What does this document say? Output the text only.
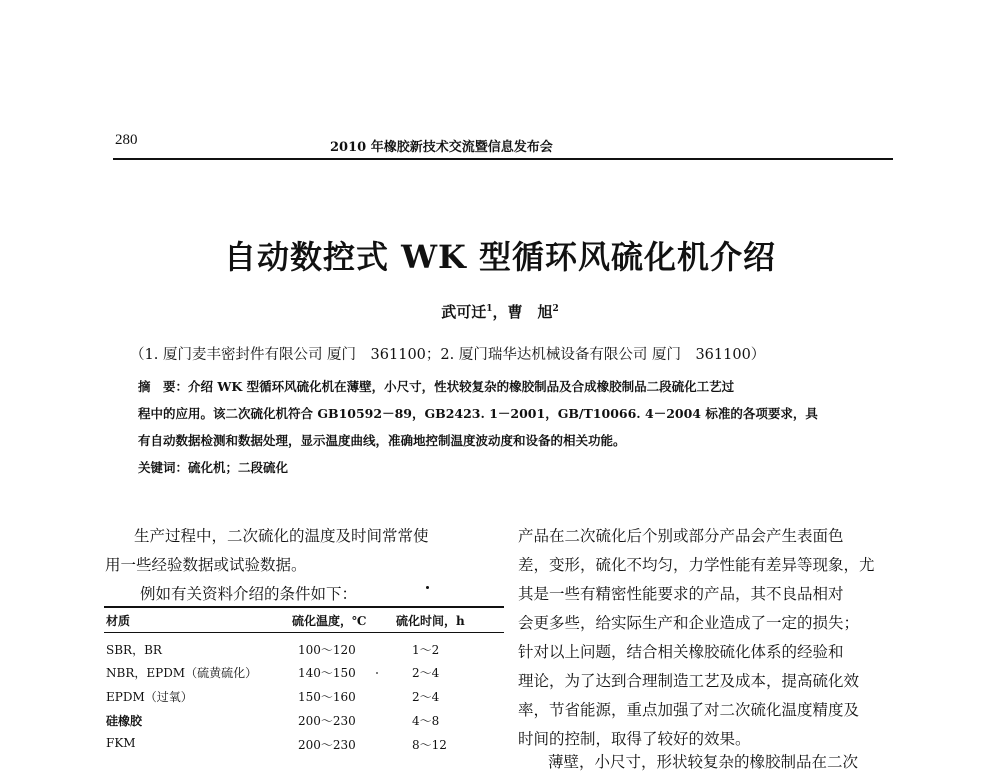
280	2010 年橡胶新技术交流暨信息发布会
自动数控式 WK 型循环风硫化机介绍
武可迁$^1$，曹　旭$^2$
（1. 厦门麦丰密封件有限公司 厦门　361100；2. 厦门瑞华达机械设备有限公司 厦门　361100）
摘　要：介绍 WK 型循环风硫化机在薄壁，小尺寸，性状较复杂的橡胶制品及合成橡胶制品二段硫化工艺过
程中的应用。该二次硫化机符合 GB10592－89，GB2423. 1－2001，GB/T10066. 4－2004 标准的各项要求，具
有自动数据检测和数据处理，显示温度曲线，准确地控制温度波动度和设备的相关功能。
关键词：硫化机；二段硫化
生产过程中，二次硫化的温度及时间常常使
用一些经验数据或试验数据。
例如有关资料介绍的条件如下：
材质	硫化温度，℃ 硫化时间，h
SBR，BR	100～120	1～2
NBR，EPDM（硫黄硫化）	140～150	2～4
EPDM（过氧）	150～160	2～4
硅橡胶	200～230	4～8
FKM	200～230	8～12
产品在二次硫化后个别或部分产品会产生表面色
差，变形，硫化不均匀，力学性能有差异等现象，尤
其是一些有精密性能要求的产品，其不良品相对
会更多些，给实际生产和企业造成了一定的损失；
针对以上问题，结合相关橡胶硫化体系的经验和
理论，为了达到合理制造工艺及成本，提高硫化效
率，节省能源，重点加强了对二次硫化温度精度及
时间的控制，取得了较好的效果。
薄壁，小尺寸，形状较复杂的橡胶制品在二次
